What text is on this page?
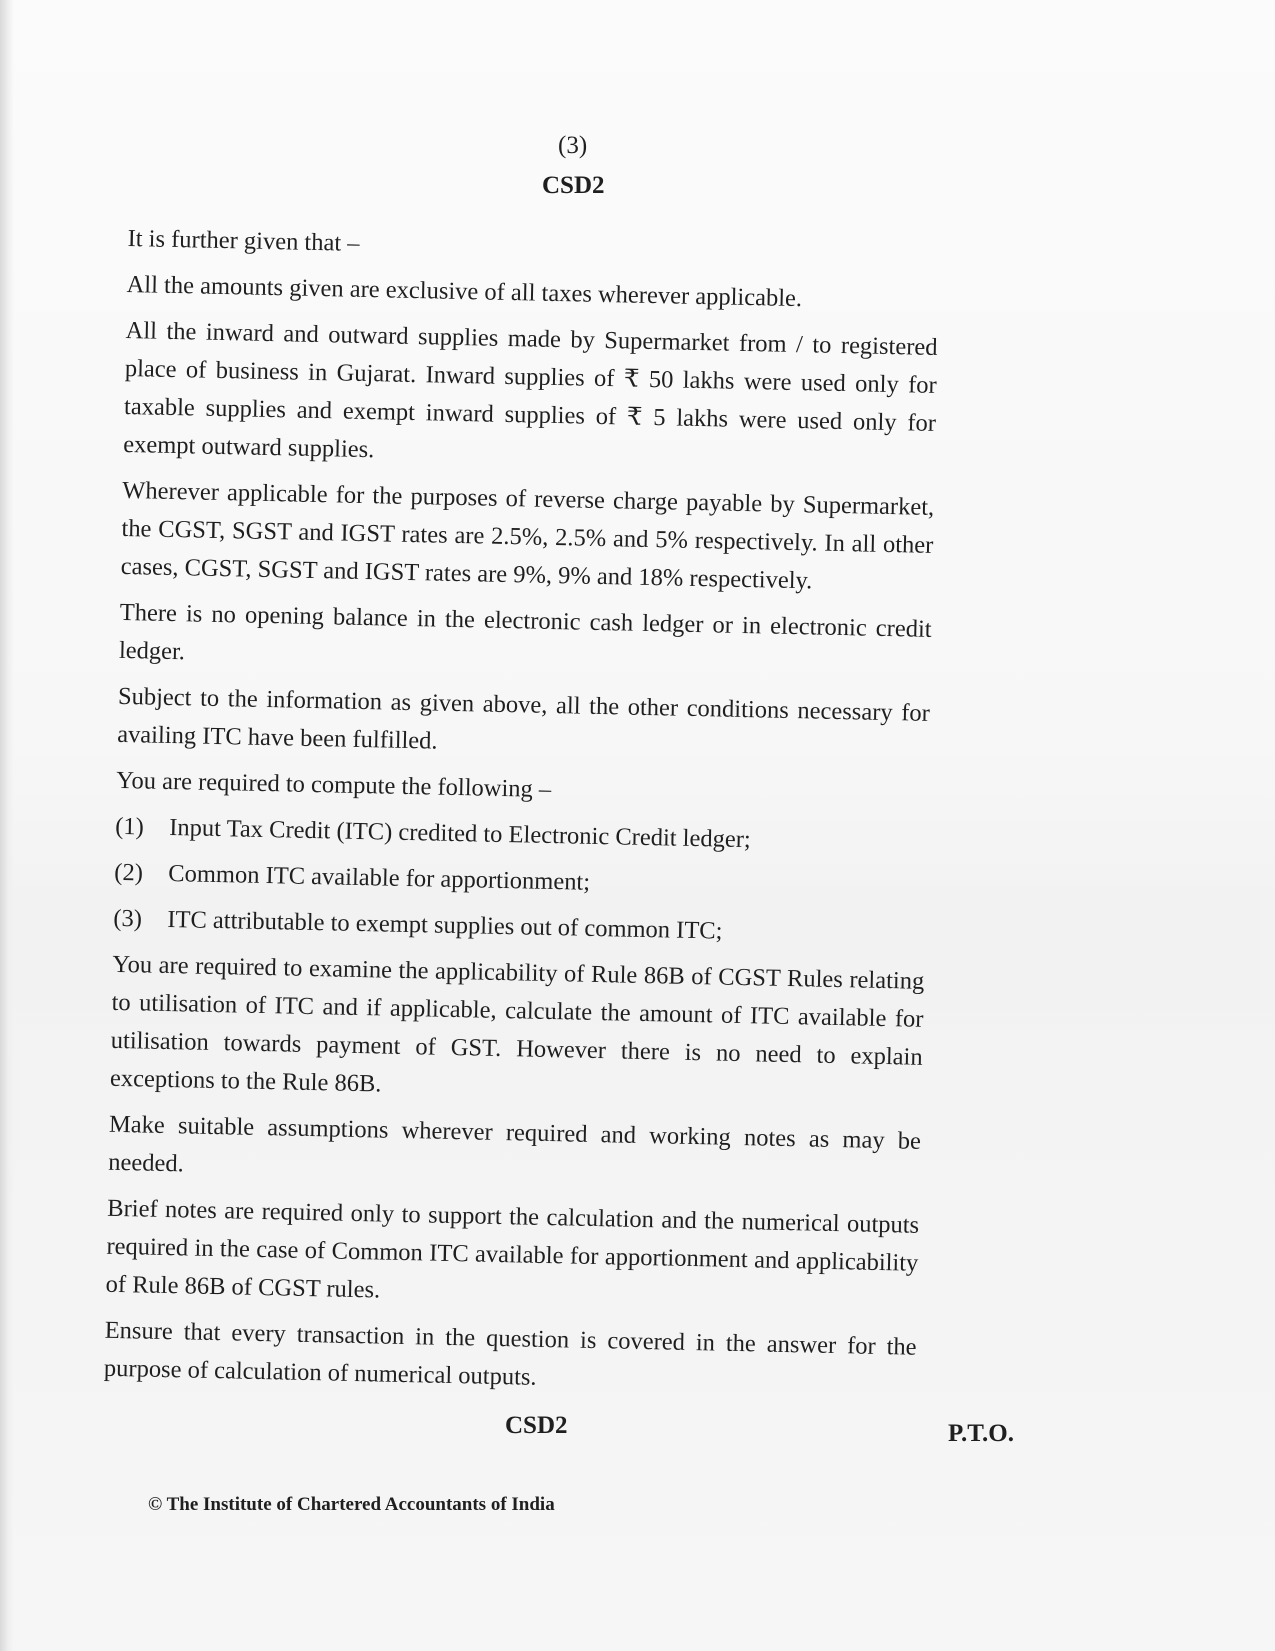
(3)
CSD2

It is further given that –

All the amounts given are exclusive of all taxes wherever applicable.

All the inward and outward supplies made by Supermarket from / to registered place of business in Gujarat. Inward supplies of ₹ 50 lakhs were used only for taxable supplies and exempt inward supplies of ₹ 5 lakhs were used only for exempt outward supplies.

Wherever applicable for the purposes of reverse charge payable by Supermarket, the CGST, SGST and IGST rates are 2.5%, 2.5% and 5% respectively. In all other cases, CGST, SGST and IGST rates are 9%, 9% and 18% respectively.

There is no opening balance in the electronic cash ledger or in electronic credit ledger.

Subject to the information as given above, all the other conditions necessary for availing ITC have been fulfilled.

You are required to compute the following –

(1)	Input Tax Credit (ITC) credited to Electronic Credit ledger;
(2)	Common ITC available for apportionment;
(3)	ITC attributable to exempt supplies out of common ITC;

You are required to examine the applicability of Rule 86B of CGST Rules relating to utilisation of ITC and if applicable, calculate the amount of ITC available for utilisation towards payment of GST. However there is no need to explain exceptions to the Rule 86B.

Make suitable assumptions wherever required and working notes as may be needed.

Brief notes are required only to support the calculation and the numerical outputs required in the case of Common ITC available for apportionment and applicability of Rule 86B of CGST rules.

Ensure that every transaction in the question is covered in the answer for the purpose of calculation of numerical outputs.

CSD2	P.T.O.
© The Institute of Chartered Accountants of India
